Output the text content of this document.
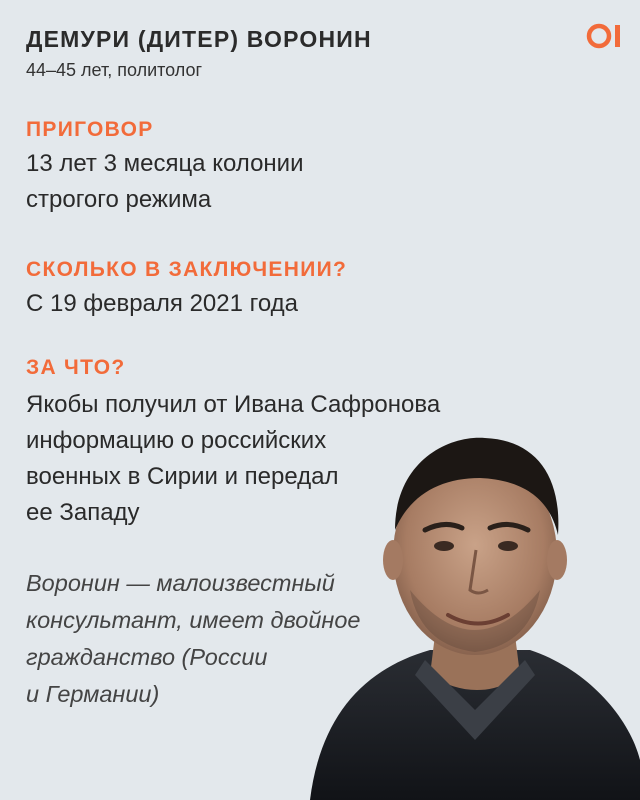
ДЕМУРИ (ДИТЕР) ВОРОНИН
44–45 лет, политолог
ПРИГОВОР
13 лет 3 месяца колонии
строгого режима
СКОЛЬКО В ЗАКЛЮЧЕНИИ?
С 19 февраля 2021 года
ЗА ЧТО?
Якобы получил от Ивана Сафронова
информацию о российских
военных в Сирии и передал
ее Западу
Воронин — малоизвестный
консультант, имеет двойное
гражданство (России
и Германии)
